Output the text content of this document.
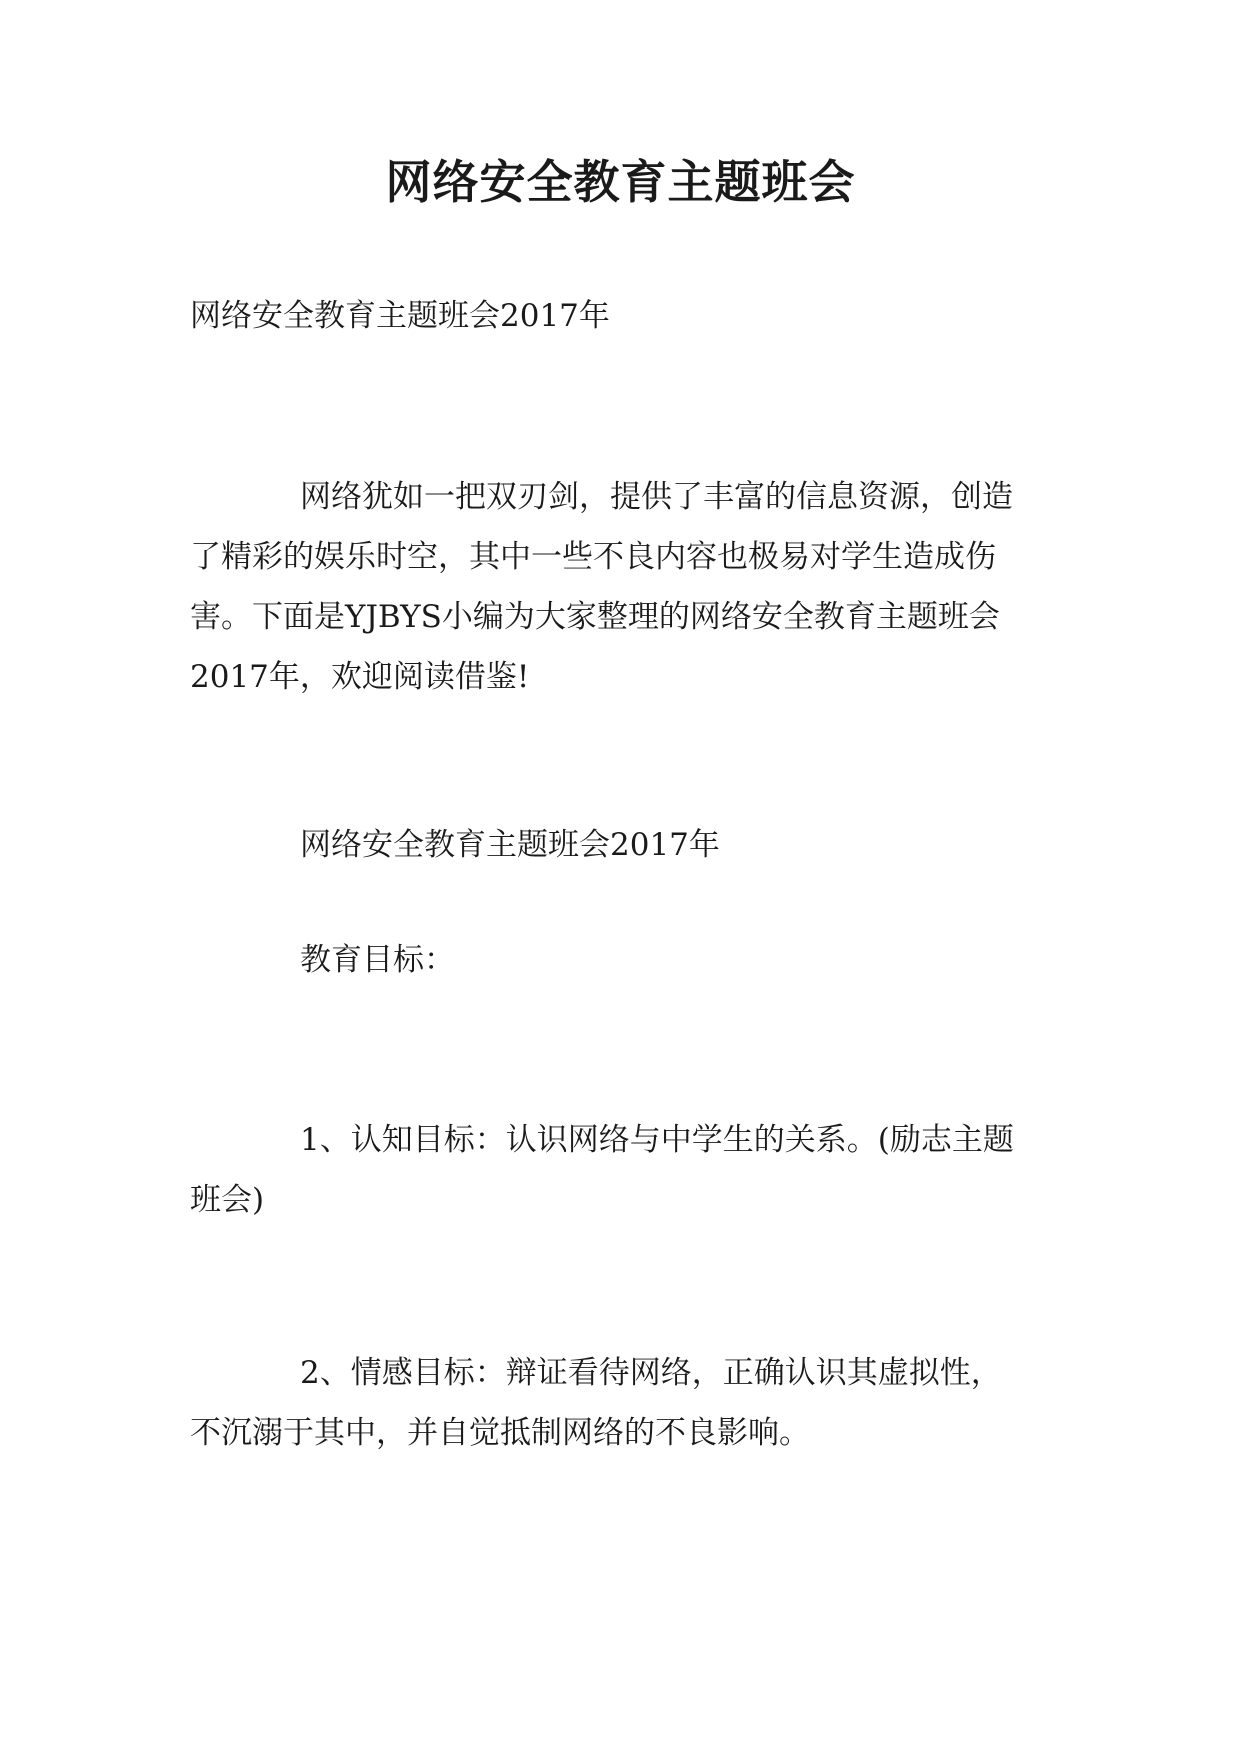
网络安全教育主题班会

网络安全教育主题班会2017年

网络犹如一把双刃剑，提供了丰富的信息资源，创造
了精彩的娱乐时空，其中一些不良内容也极易对学生造成伤
害。下面是YJBYS小编为大家整理的网络安全教育主题班会
2017年，欢迎阅读借鉴!

网络安全教育主题班会2017年

教育目标：

1、认知目标：认识网络与中学生的关系。(励志主题
班会)

2、情感目标：辩证看待网络，正确认识其虚拟性，
不沉溺于其中，并自觉抵制网络的不良影响。
